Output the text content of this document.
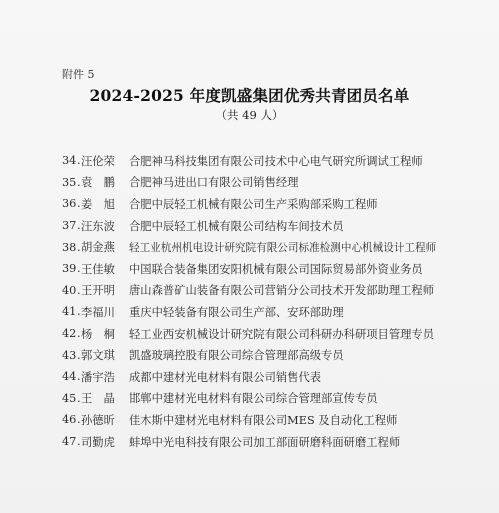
附件 5
2024-2025 年度凯盛集团优秀共青团员名单
（共 49 人）
34 . 汪伦荣	合肥神马科技集团有限公司技术中心电气研究所调试工程师
35 . 袁　鹏	合肥神马进出口有限公司销售经理
36 . 姜　旭	合肥中辰轻工机械有限公司生产采购部采购工程师
37 . 汪东波	合肥中辰轻工机械有限公司结构车间技术员
38 . 胡金燕	轻工业杭州机电设计研究院有限公司标准检测中心机械设计工程师
39 . 王佳敏	中国联合装备集团安阳机械有限公司国际贸易部外资业务员
40 . 王开明	唐山森普矿山装备有限公司营销分公司技术开发部助理工程师
41 . 李福川	重庆中轻装备有限公司生产部、安环部助理
42 . 杨　桐	轻工业西安机械设计研究院有限公司科研办科研项目管理专员
43 . 郭文琪	凯盛玻璃控股有限公司综合管理部高级专员
44 . 潘宇浩	成都中建材光电材料有限公司销售代表
45 . 王　晶	邯郸中建材光电材料有限公司综合管理部宣传专员
46 . 孙德昕	佳木斯中建材光电材料有限公司MES 及自动化工程师
47 . 司勤虎	蚌埠中光电科技有限公司加工部面研磨科面研磨工程师
